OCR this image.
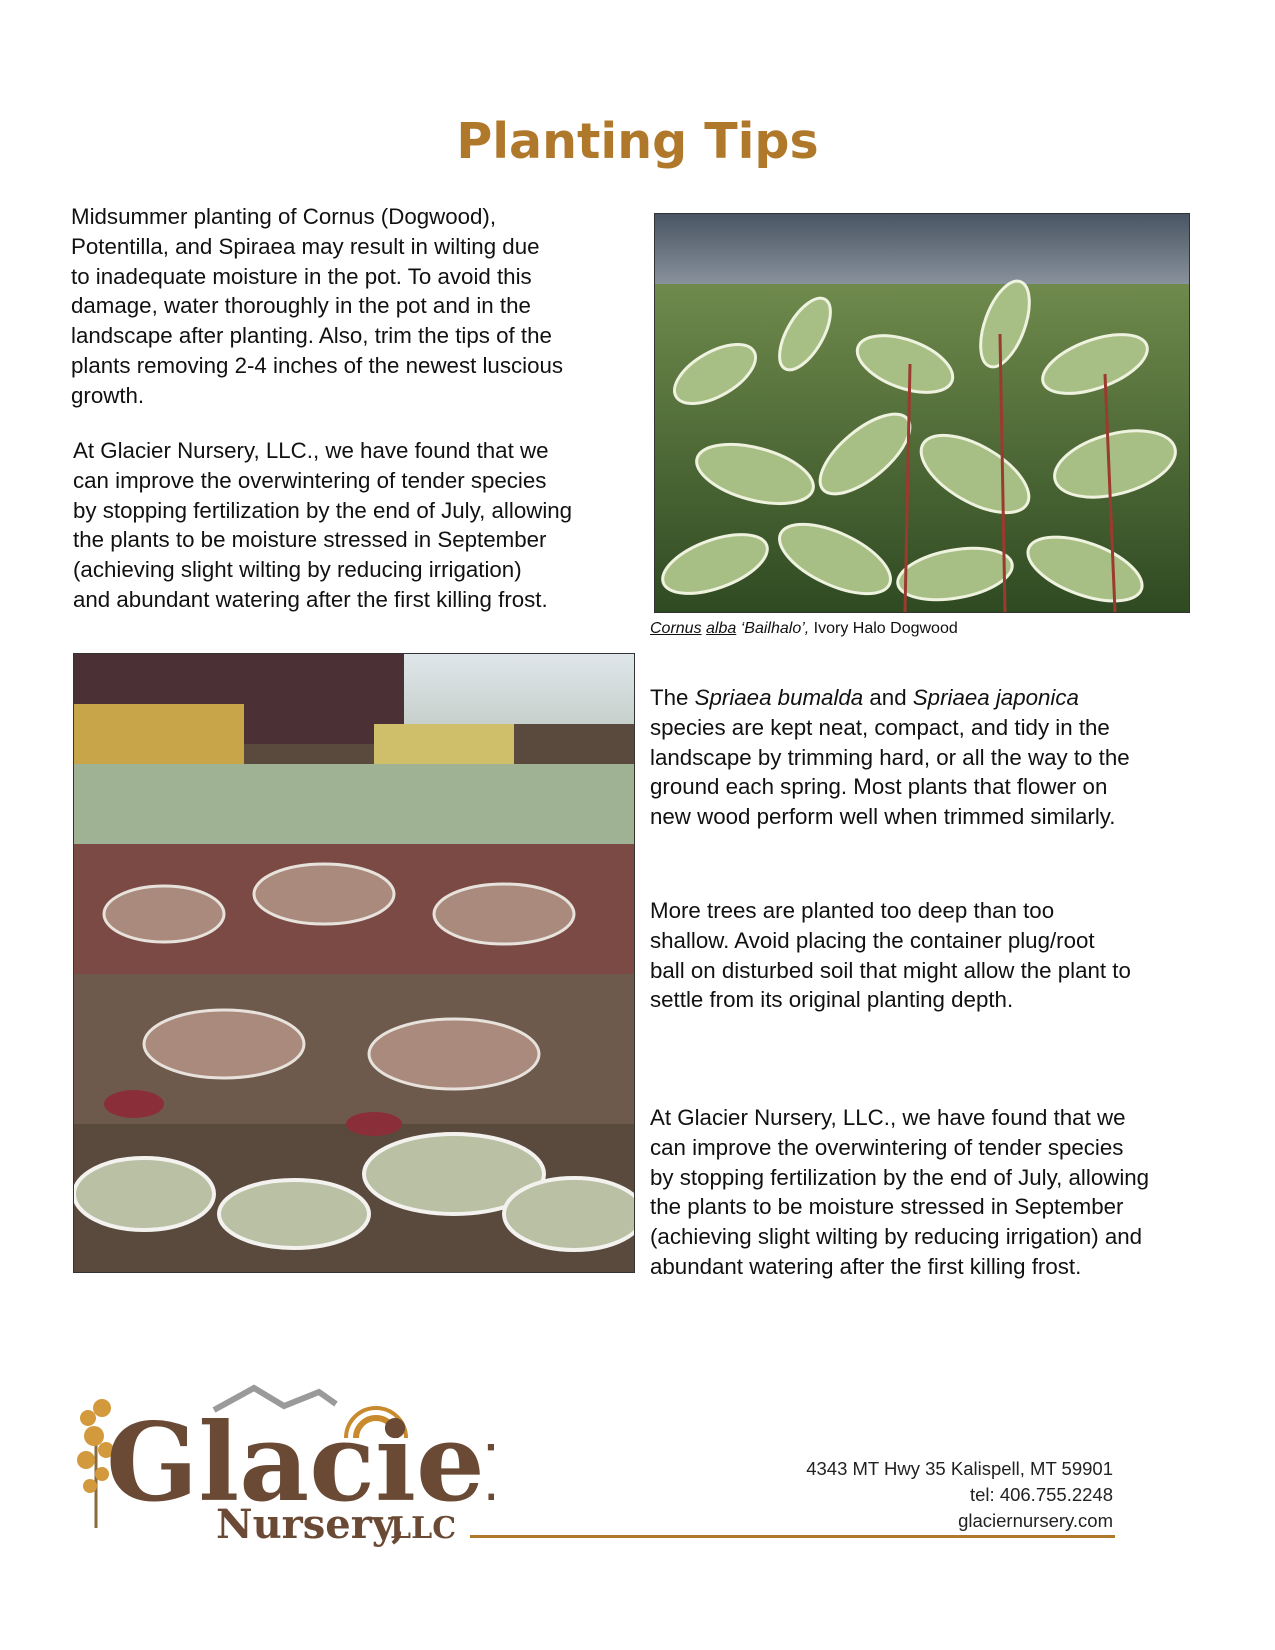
Planting Tips
Midsummer planting of Cornus (Dogwood),
Potentilla, and Spiraea may result in wilting due
to inadequate moisture in the pot. To avoid this
damage, water thoroughly in the pot and in the
landscape after planting. Also, trim the tips of the
plants removing 2-4 inches of the newest luscious
growth.
At Glacier Nursery, LLC., we have found that we
can improve the overwintering of tender species
by stopping fertilization by the end of July, allowing
the plants to be moisture stressed in September
(achieving slight wilting by reducing irrigation)
and abundant watering after the first killing frost.
Cornus alba ‘Bailhalo’, Ivory Halo Dogwood
The Spriaea bumalda and Spriaea japonica
species are kept neat, compact, and tidy in the
landscape by trimming hard, or all the way to the
ground each spring. Most plants that flower on
new wood perform well when trimmed similarly.
More trees are planted too deep than too
shallow. Avoid placing the container plug/root
ball on disturbed soil that might allow the plant to
settle from its original planting depth.
At Glacier Nursery, LLC., we have found that we
can improve the overwintering of tender species
by stopping fertilization by the end of July, allowing
the plants to be moisture stressed in September
(achieving slight wilting by reducing irrigation) and
abundant watering after the first killing frost.
Glacie
Nursery,
LLC
4343 MT Hwy 35 Kalispell, MT 59901
tel: 406.755.2248
glaciernursery.com
